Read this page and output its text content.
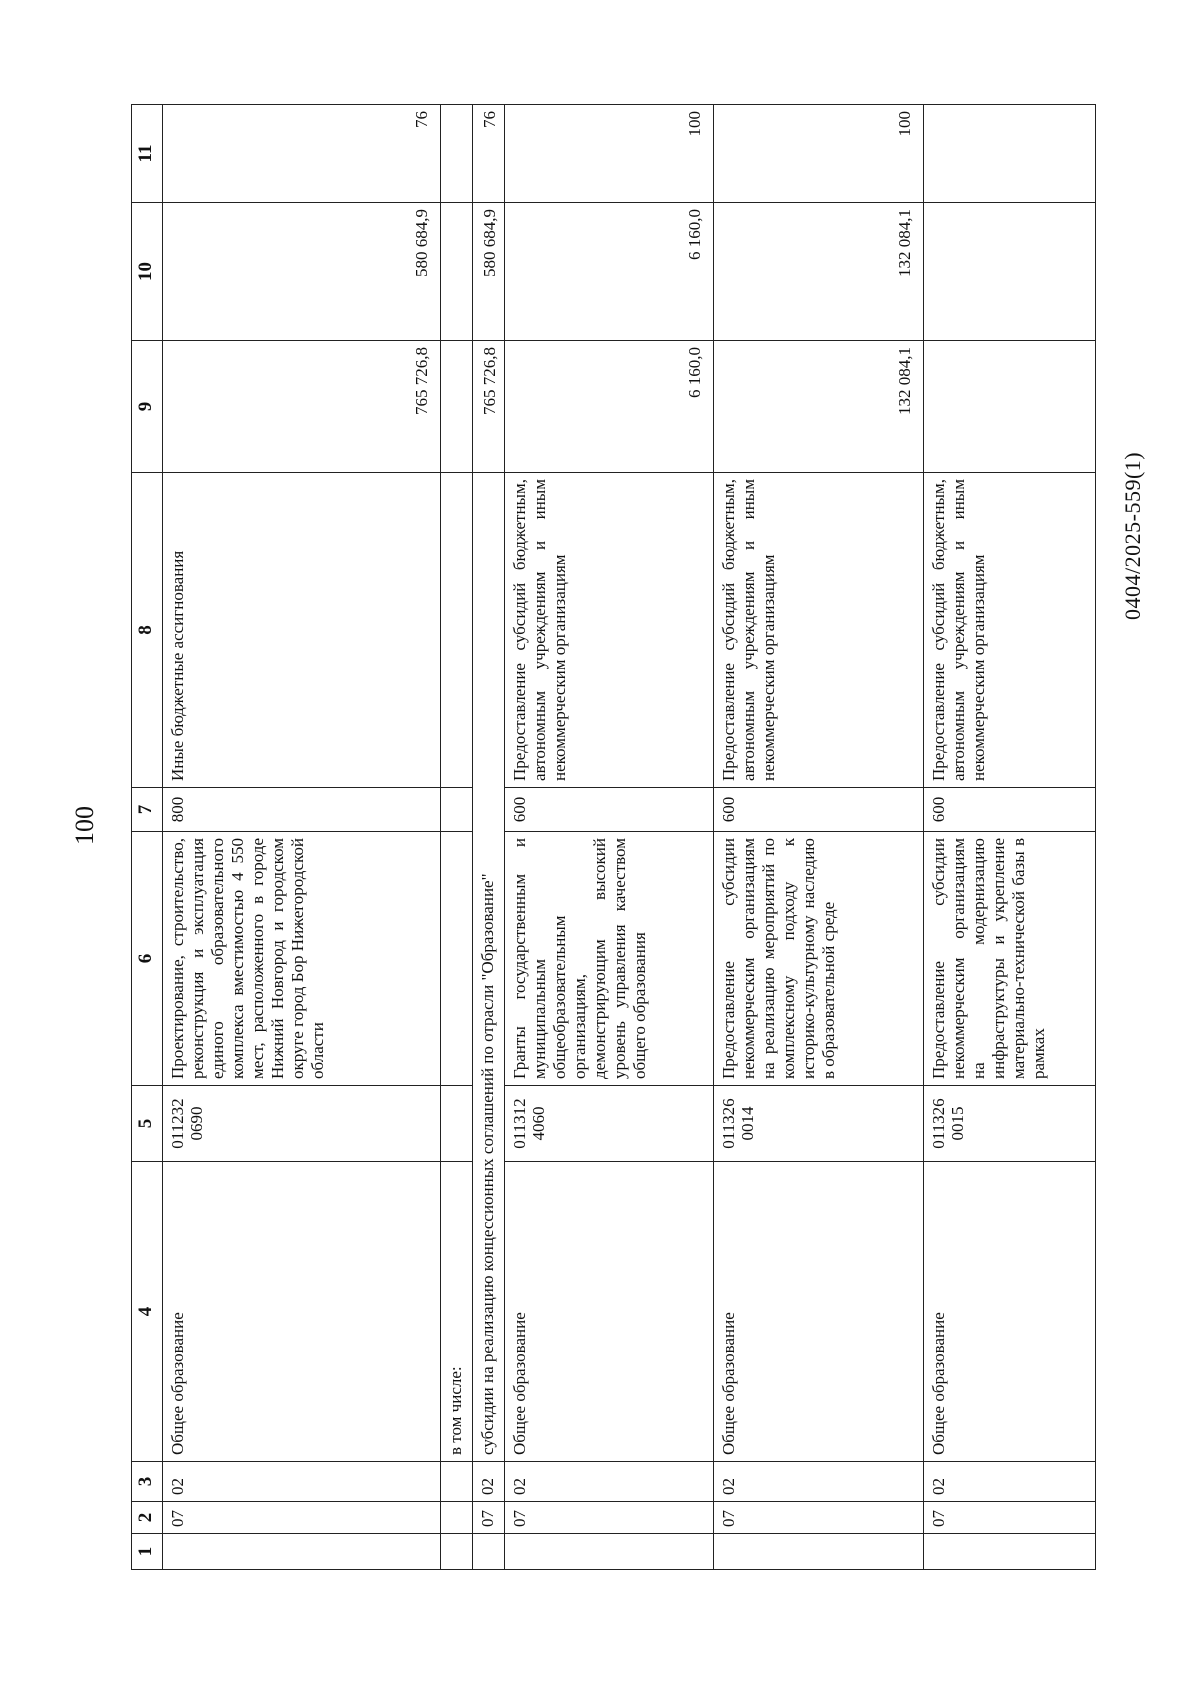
100
0404/2025-559(1)
1	2	3	4	5	6	7	8	9	10	11
	07	02	Общее образование	011232 0690	Проектирование, строительство, реконструкция и эксплуатация единого образовательного комплекса вместимостью 4 550 мест, расположенного в городе Нижний Новгород и городском округе город Бор Нижегородской области	800	Иные бюджетные ассигнования	765 726,8	580 684,9	76
			в том числе:							
	07	02	субсидии на реализацию концессионных соглашений по отрасли "Образование"					765 726,8	580 684,9	76
	07	02	Общее образование	011312 4060	Гранты государственным и муниципальным общеобразовательным организациям, демонстрирующим высокий уровень управления качеством общего образования	600	Предоставление субсидий бюджетным, автономным учреждениям и иным некоммерческим организациям	6 160,0	6 160,0	100
	07	02	Общее образование	011326 0014	Предоставление субсидии некоммерческим организациям на реализацию мероприятий по комплексному подходу к историко-культурному наследию в образовательной среде	600	Предоставление субсидий бюджетным, автономным учреждениям и иным некоммерческим организациям	132 084,1	132 084,1	100
	07	02	Общее образование	011326 0015	Предоставление субсидии некоммерческим организациям на модернизацию инфраструктуры и укрепление материально-технической базы в рамках	600	Предоставление субсидий бюджетным, автономным учреждениям и иным некоммерческим организациям			
